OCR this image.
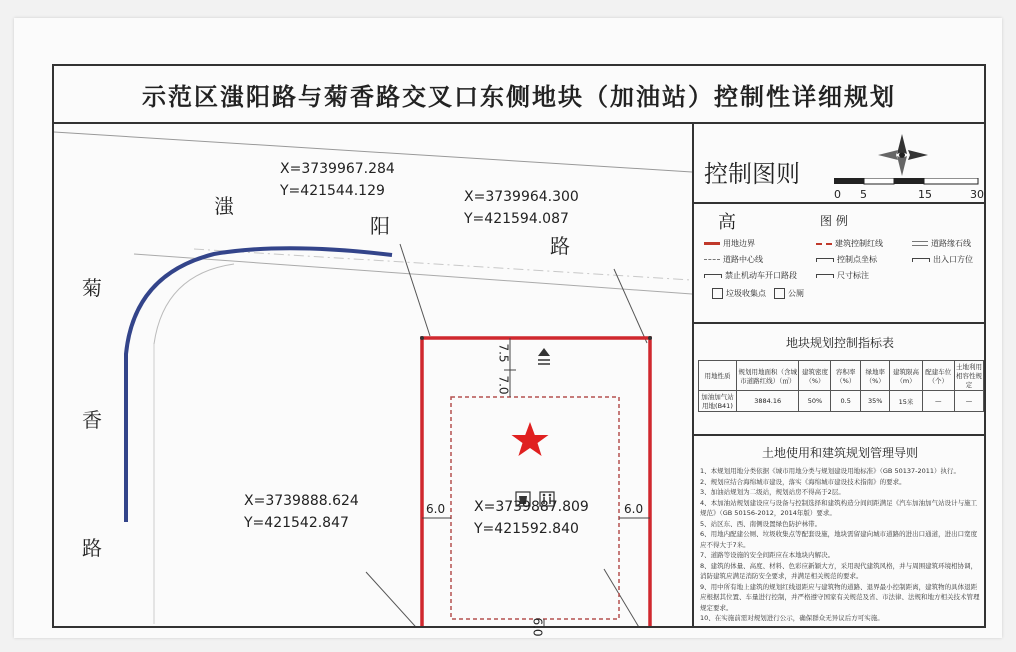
示范区滍阳路与菊香路交叉口东侧地块（加油站）控制性详细规划
滍
阳
路
菊
香
路
X=3739967.284
Y=421544.129	X=3739964.300
Y=421594.087
X=3739888.624
Y=421542.847
X=3739887.809
Y=421592.840
7.5
7.0
6.0	6.0
6.0
控制图则
0 5	15	30
高	图 例
用地边界	建筑控制红线	道路缘石线
道路中心线	控制点坐标	出入口方位
禁止机动车开口路段	尺寸标注
垃圾收集点	公厕
地块规划控制指标表
用地性质	规划用地面积（含城市道路红线）（㎡）	建筑密度（%）	容积率（%）	绿地率（%）	建筑限高（m）	配建车位（个）	土地利用相容性规定
加油加气站用地(B41)	3884.16	50%	0.5	35%	15米	—	—
土地使用和建筑规划管理导则
1、本规划用地分类依据《城市用地分类与规划建设用地标准》（GB 50137-2011）执行。
2、规划应结合海绵城市建设，落实《海绵城市建设技术指南》的要求。
3、加油站规划为二级站，规划站房不得高于2层。
4、本加油站规划建设应与设备与控制选择和建筑构造分间间距满足《汽车加油加气站设计与施工规范》（GB 50156-2012，2014年版）要求。
5、站区东、西、南侧设置绿色防护林带。
6、用地内配建公厕、垃圾收集点等配套设施，地块需留建向城市道路的进出口通道，进出口宽度应不得大于7米。
7、道路等设施的安全间距应在本地块内解决。
8、建筑的体量、高度、材料、色彩应新颖大方，采用现代建筑风格，并与周围建筑环境相协调，消防建筑应满足消防安全要求，并满足相关规范的要求。
9、用中所有地上建筑的规划红线退距应与建筑物的道路、退界最小控制距离，建筑物的具体退距应根据其位置、车量进行控制，并严格遵守国家有关规范及省、市法律、法规和地方相关技术管理规定要求。
10、在实施前需对规划进行公示，确保群众无异议后方可实施。
